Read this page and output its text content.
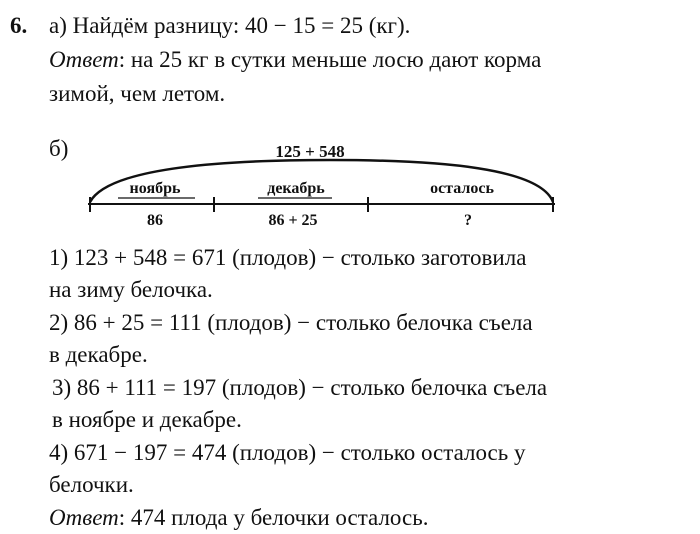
6. а) Найдём разницу: 40 − 15 = 25 (кг).
Ответ: на 25 кг в сутки меньше лосю дают корма
зимой, чем летом.
б)	125 + 548
ноябрь	декабрь	осталось
86	86 + 25	?
1) 123 + 548 = 671 (плодов) − столько заготовила
на зиму белочка.
2) 86 + 25 = 111 (плодов) − столько белочка съела
в декабре.
3) 86 + 111 = 197 (плодов) − столько белочка съела
в ноябре и декабре.
4) 671 − 197 = 474 (плодов) − столько осталось у
белочки.
Ответ: 474 плода у белочки осталось.
